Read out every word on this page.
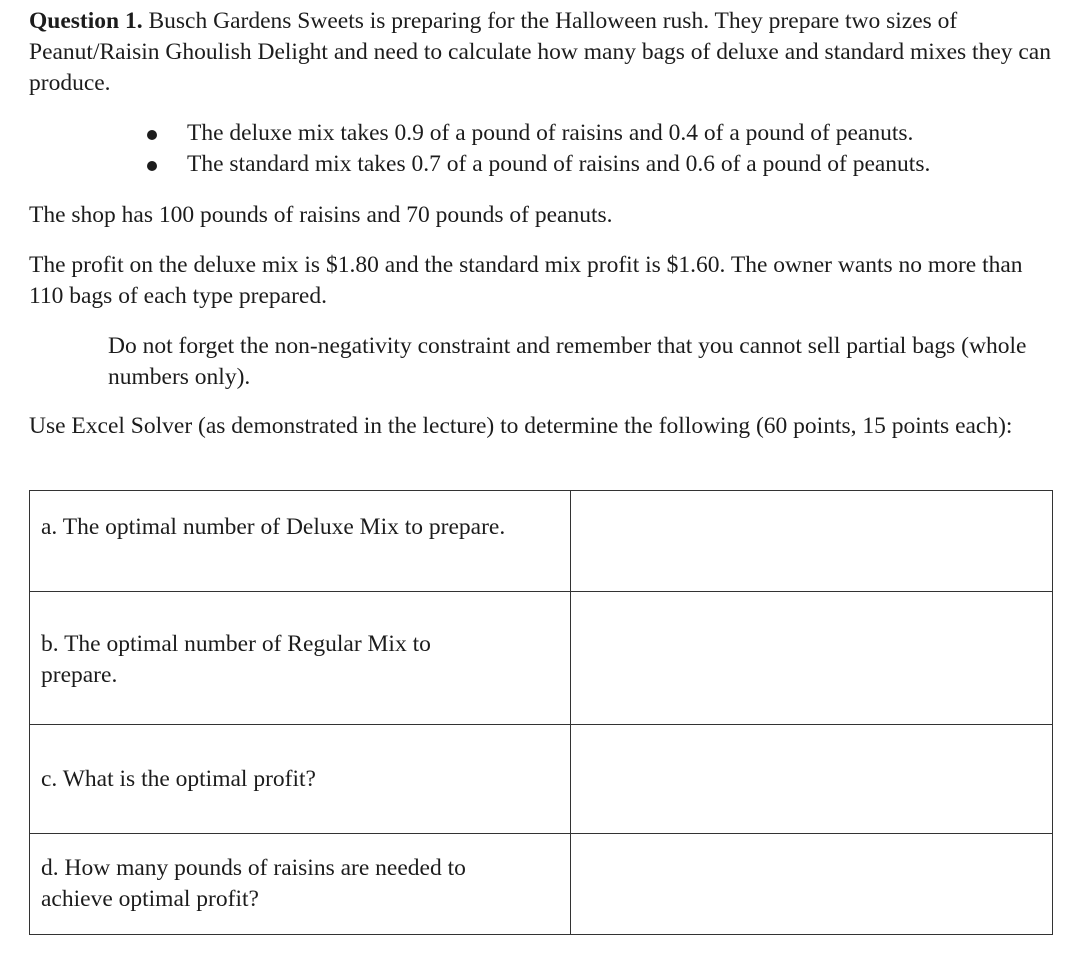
Question 1. Busch Gardens Sweets is preparing for the Halloween rush. They prepare two sizes of Peanut/Raisin Ghoulish Delight and need to calculate how many bags of deluxe and standard mixes they can produce.

The deluxe mix takes 0.9 of a pound of raisins and 0.4 of a pound of peanuts.
The standard mix takes 0.7 of a pound of raisins and 0.6 of a pound of peanuts.

The shop has 100 pounds of raisins and 70 pounds of peanuts.

The profit on the deluxe mix is $1.80 and the standard mix profit is $1.60. The owner wants no more than 110 bags of each type prepared.

Do not forget the non-negativity constraint and remember that you cannot sell partial bags (whole numbers only).

Use Excel Solver (as demonstrated in the lecture) to determine the following (60 points, 15 points each):

a. The optimal number of Deluxe Mix to prepare.	

b. The optimal number of Regular Mix to prepare.	

c. What is the optimal profit?	

d. How many pounds of raisins are needed to achieve optimal profit?	
